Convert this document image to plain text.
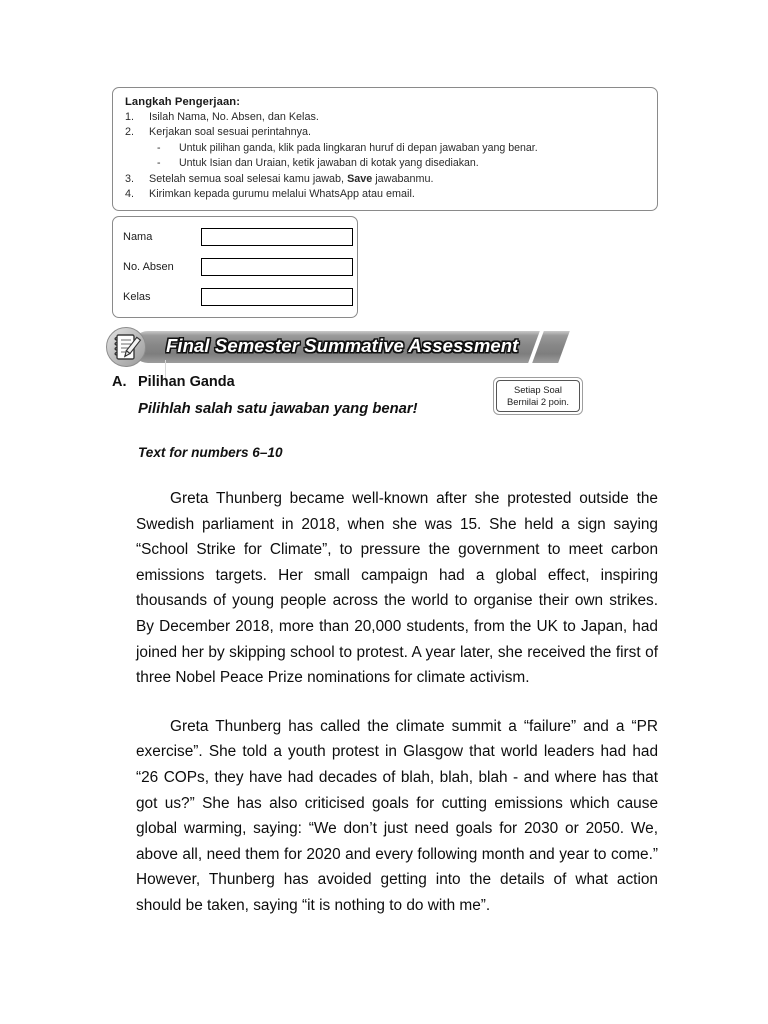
Langkah Pengerjaan:
1.	Isilah Nama, No. Absen, dan Kelas.
2.	Kerjakan soal sesuai perintahnya.
-	Untuk pilihan ganda, klik pada lingkaran huruf di depan jawaban yang benar.
-	Untuk Isian dan Uraian, ketik jawaban di kotak yang disediakan.
3.	Setelah semua soal selesai kamu jawab, Save jawabanmu.
4.	Kirimkan kepada gurumu melalui WhatsApp atau email.
Nama
No. Absen
Kelas
Final Semester Summative Assessment
A. Pilihan Ganda
Pilihlah salah satu jawaban yang benar!
Text for numbers 6–10
Setiap Soal
Bernilai 2 poin.

Greta Thunberg became well-known after she protested outside the Swedish parliament in 2018, when she was 15. She held a sign saying “School Strike for Climate”, to pressure the government to meet carbon emissions targets. Her small campaign had a global effect, inspiring thousands of young people across the world to organise their own strikes. By December 2018, more than 20,000 students, from the UK to Japan, had joined her by skipping school to protest. A year later, she received the first of three Nobel Peace Prize nominations for climate activism.

Greta Thunberg has called the climate summit a “failure” and a “PR exercise”. She told a youth protest in Glasgow that world leaders had had “26 COPs, they have had decades of blah, blah, blah - and where has that got us?” She has also criticised goals for cutting emissions which cause global warming, saying: “We don’t just need goals for 2030 or 2050. We, above all, need them for 2020 and every following month and year to come.” However, Thunberg has avoided getting into the details of what action should be taken, saying “it is nothing to do with me”.
